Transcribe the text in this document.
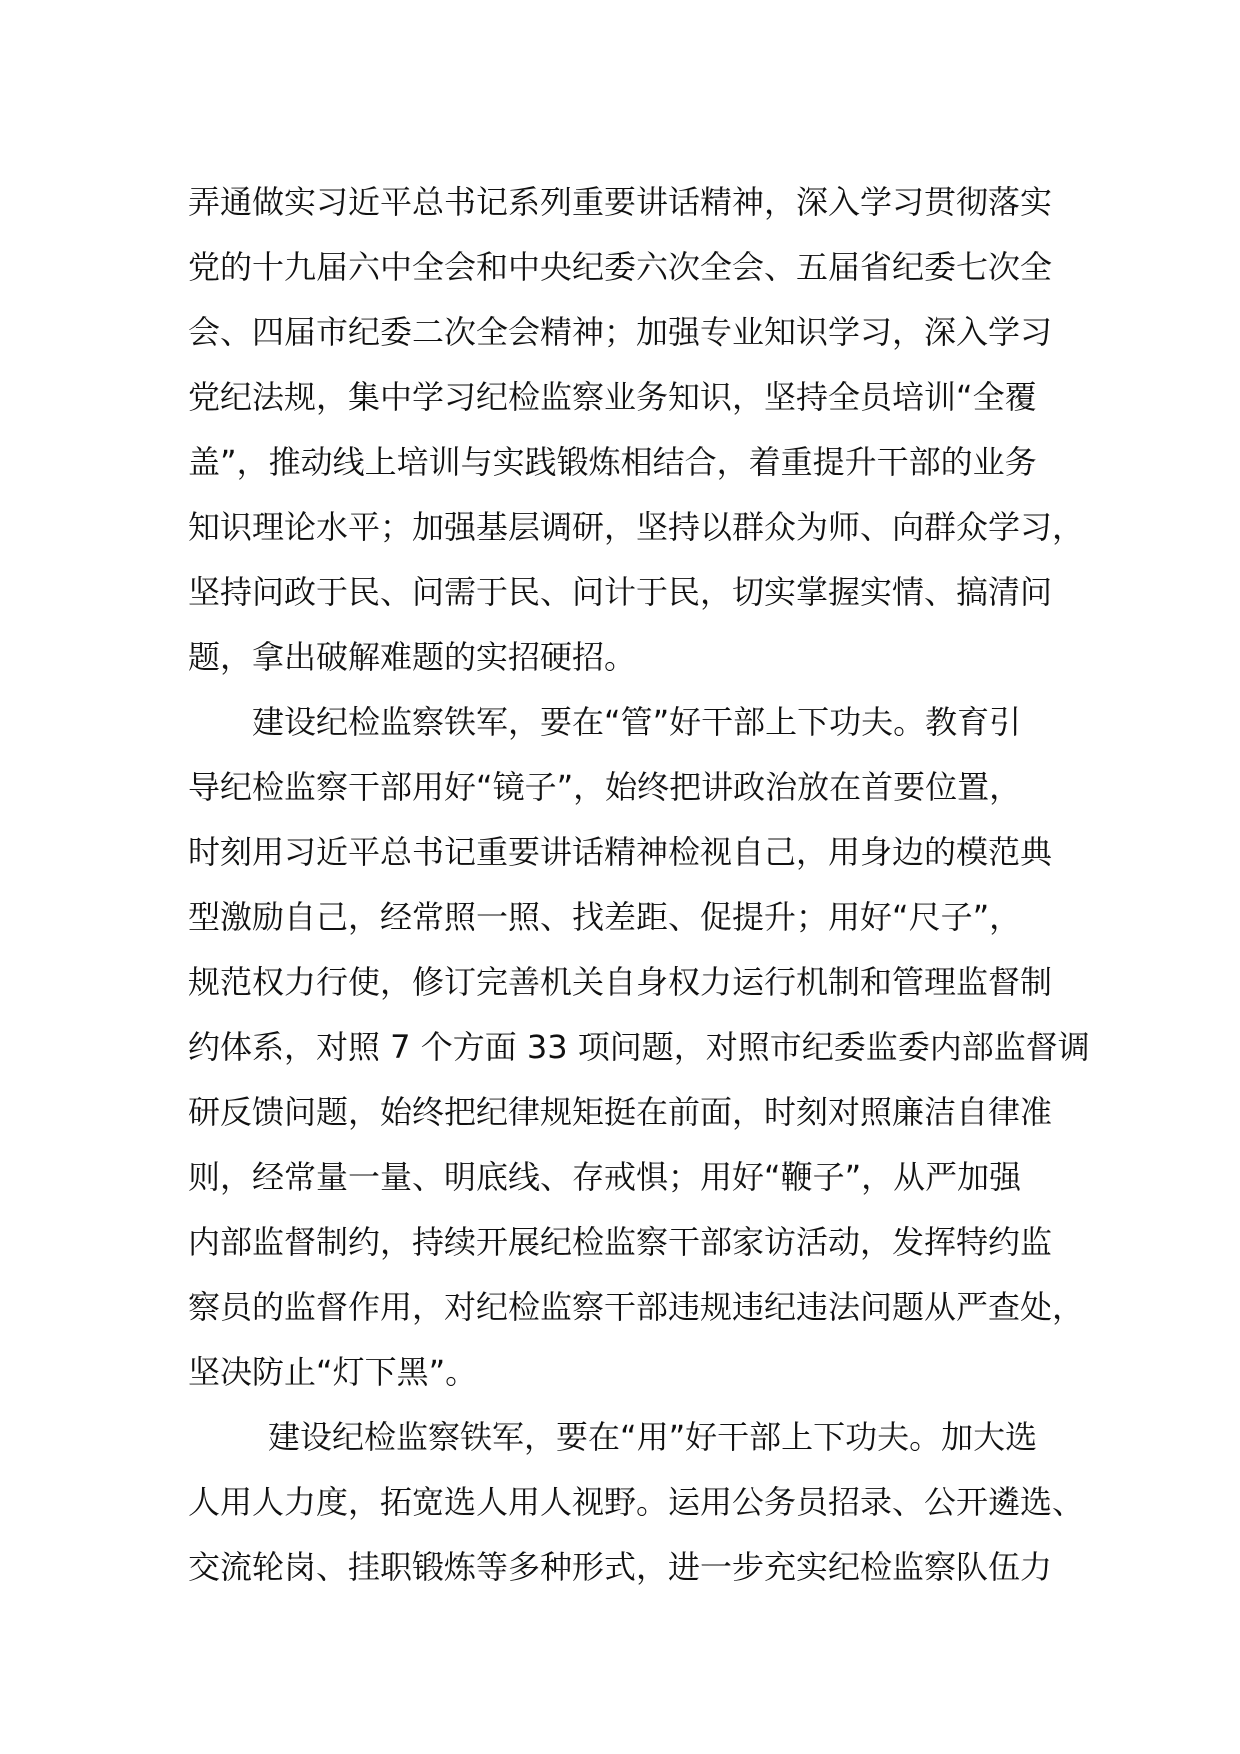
弄通做实习近平总书记系列重要讲话精神，深入学习贯彻落实
党的十九届六中全会和中央纪委六次全会、五届省纪委七次全
会、四届市纪委二次全会精神；加强专业知识学习，深入学习
党纪法规，集中学习纪检监察业务知识，坚持全员培训“全覆
盖”，推动线上培训与实践锻炼相结合，着重提升干部的业务
知识理论水平；加强基层调研，坚持以群众为师、向群众学习，
坚持问政于民、问需于民、问计于民，切实掌握实情、搞清问
题，拿出破解难题的实招硬招。
建设纪检监察铁军，要在“管”好干部上下功夫。教育引
导纪检监察干部用好“镜子”，始终把讲政治放在首要位置，
时刻用习近平总书记重要讲话精神检视自己，用身边的模范典
型激励自己，经常照一照、找差距、促提升；用好“尺子”，
规范权力行使，修订完善机关自身权力运行机制和管理监督制
约体系，对照 7 个方面 33 项问题，对照市纪委监委内部监督调
研反馈问题，始终把纪律规矩挺在前面，时刻对照廉洁自律准
则，经常量一量、明底线、存戒惧；用好“鞭子”，从严加强
内部监督制约，持续开展纪检监察干部家访活动，发挥特约监
察员的监督作用，对纪检监察干部违规违纪违法问题从严查处，
坚决防止“灯下黑”。
建设纪检监察铁军，要在“用”好干部上下功夫。加大选
人用人力度，拓宽选人用人视野。运用公务员招录、公开遴选、
交流轮岗、挂职锻炼等多种形式，进一步充实纪检监察队伍力
